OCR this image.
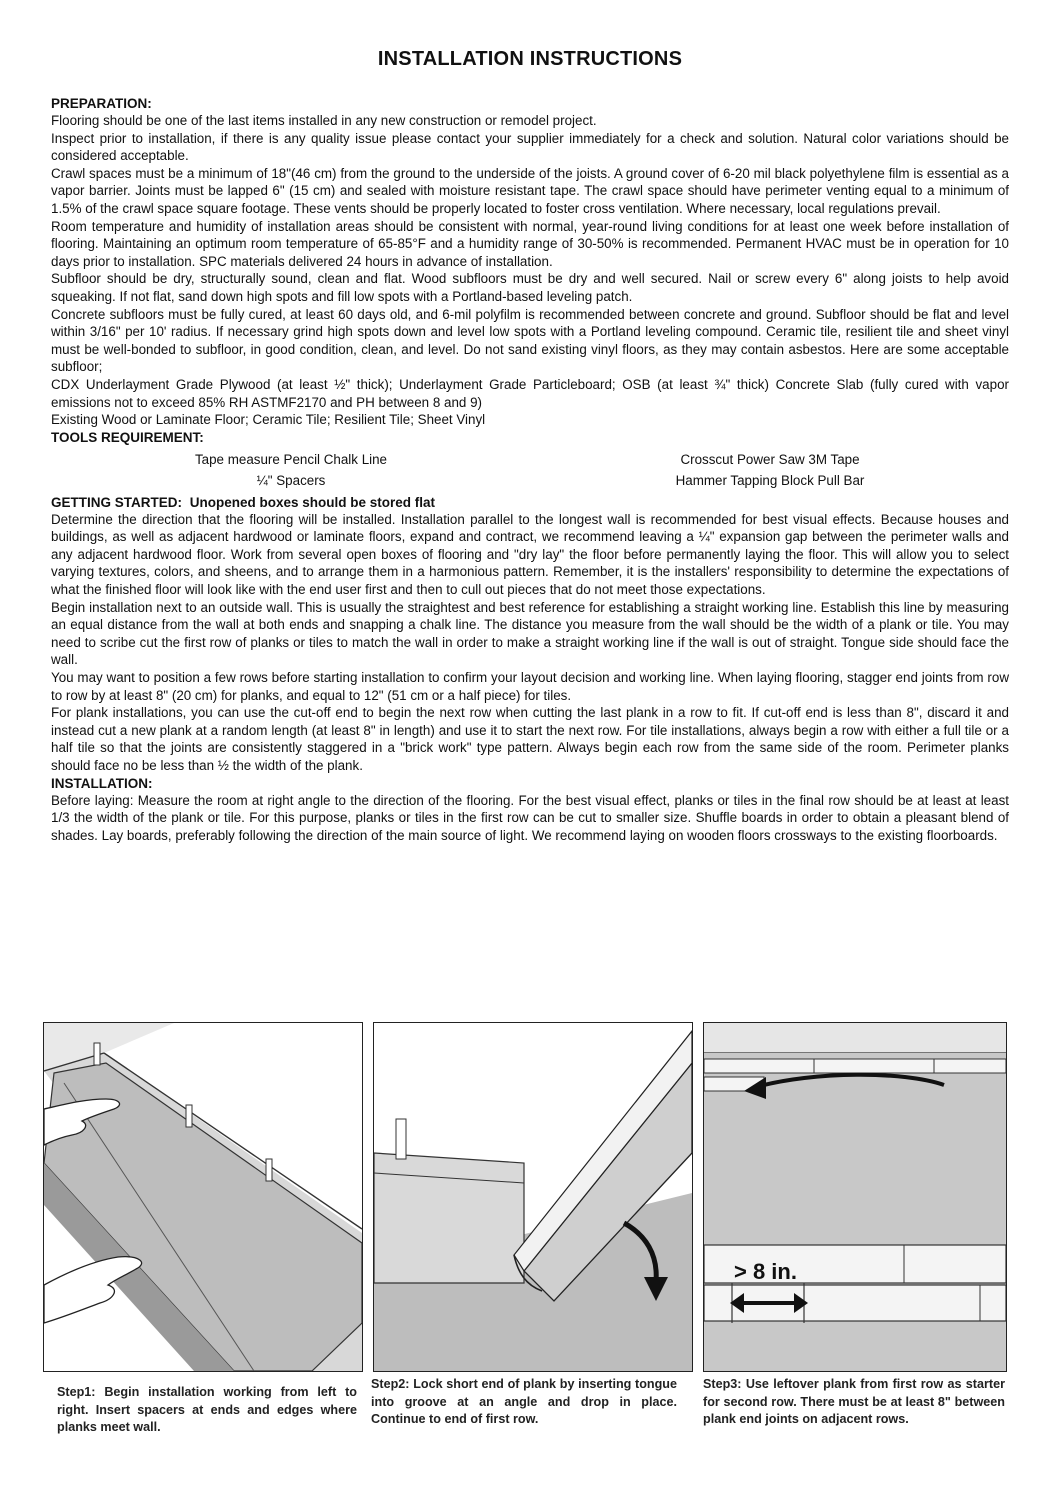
INSTALLATION INSTRUCTIONS
PREPARATION:

Flooring should be one of the last items installed in any new construction or remodel project.

Inspect prior to installation, if there is any quality issue please contact your supplier immediately for a check and solution. Natural color variations should be considered acceptable.

Crawl spaces must be a minimum of 18"(46 cm) from the ground to the underside of the joists. A ground cover of 6-20 mil black polyethylene film is essential as a vapor barrier. Joints must be lapped 6" (15 cm) and sealed with moisture resistant tape. The crawl space should have perimeter venting equal to a minimum of 1.5% of the crawl space square footage. These vents should be properly located to foster cross ventilation. Where necessary, local regulations prevail.

Room temperature and humidity of installation areas should be consistent with normal, year-round living conditions for at least one week before installation of flooring. Maintaining an optimum room temperature of 65-85°F and a humidity range of 30-50% is recommended. Permanent HVAC must be in operation for 10 days prior to installation. SPC materials delivered 24 hours in advance of installation.

Subfloor should be dry, structurally sound, clean and flat. Wood subfloors must be dry and well secured. Nail or screw every 6" along joists to help avoid squeaking. If not flat, sand down high spots and fill low spots with a Portland-based leveling patch.

Concrete subfloors must be fully cured, at least 60 days old, and 6-mil polyfilm is recommended between concrete and ground. Subfloor should be flat and level within 3/16" per 10' radius. If necessary grind high spots down and level low spots with a Portland leveling compound. Ceramic tile, resilient tile and sheet vinyl must be well-bonded to subfloor, in good condition, clean, and level. Do not sand existing vinyl floors, as they may contain asbestos. Here are some acceptable subfloor;

CDX Underlayment Grade Plywood (at least ½" thick); Underlayment Grade Particleboard; OSB (at least ¾" thick) Concrete Slab (fully cured with vapor emissions not to exceed 85% RH ASTMF2170 and PH between 8 and 9)

Existing Wood or Laminate Floor; Ceramic Tile; Resilient Tile; Sheet Vinyl

TOOLS REQUIREMENT:
Tape measure Pencil Chalk Line	Crosscut Power Saw 3M Tape
¼" Spacers	Hammer Tapping Block Pull Bar
GETTING STARTED: Unopened boxes should be stored flat

Determine the direction that the flooring will be installed. Installation parallel to the longest wall is recommended for best visual effects. Because houses and buildings, as well as adjacent hardwood or laminate floors, expand and contract, we recommend leaving a ¼" expansion gap between the perimeter walls and any adjacent hardwood floor. Work from several open boxes of flooring and "dry lay" the floor before permanently laying the floor. This will allow you to select varying textures, colors, and sheens, and to arrange them in a harmonious pattern. Remember, it is the installers' responsibility to determine the expectations of what the finished floor will look like with the end user first and then to cull out pieces that do not meet those expectations.

Begin installation next to an outside wall. This is usually the straightest and best reference for establishing a straight working line. Establish this line by measuring an equal distance from the wall at both ends and snapping a chalk line. The distance you measure from the wall should be the width of a plank or tile. You may need to scribe cut the first row of planks or tiles to match the wall in order to make a straight working line if the wall is out of straight. Tongue side should face the wall.

You may want to position a few rows before starting installation to confirm your layout decision and working line. When laying flooring, stagger end joints from row to row by at least 8" (20 cm) for planks, and equal to 12" (51 cm or a half piece) for tiles.

For plank installations, you can use the cut-off end to begin the next row when cutting the last plank in a row to fit. If cut-off end is less than 8", discard it and instead cut a new plank at a random length (at least 8" in length) and use it to start the next row. For tile installations, always begin a row with either a full tile or a half tile so that the joints are consistently staggered in a "brick work" type pattern. Always begin each row from the same side of the room. Perimeter planks should face no be less than ½ the width of the plank.

INSTALLATION:

Before laying: Measure the room at right angle to the direction of the flooring. For the best visual effect, planks or tiles in the final row should be at least at least 1/3 the width of the plank or tile. For this purpose, planks or tiles in the first row can be cut to smaller size. Shuffle boards in order to obtain a pleasant blend of shades. Lay boards, preferably following the direction of the main source of light. We recommend laying on wooden floors crossways to the existing floorboards.

> 8 in.
Step1: Begin installation working from left to right. Insert spacers at ends and edges where planks meet wall.
Step2: Lock short end of plank by inserting tongue into groove at an angle and drop in place. Continue to end of first row.
Step3: Use leftover plank from first row as starter for second row. There must be at least 8" between plank end joints on adjacent rows.
